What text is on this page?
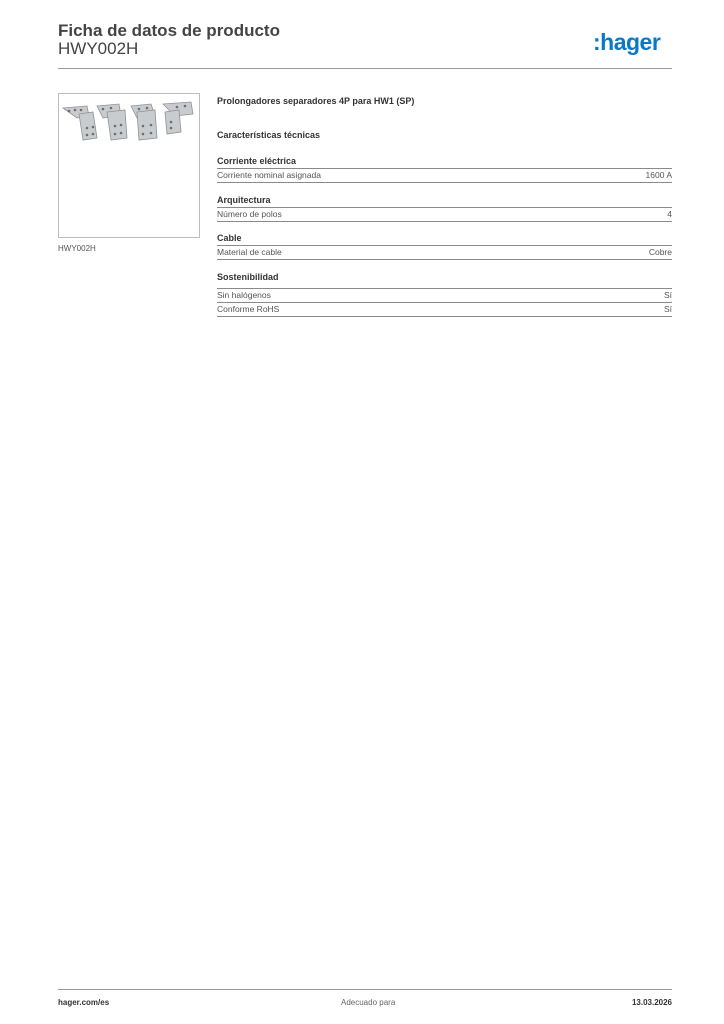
Ficha de datos de producto
HWY002H	:hager
HWY002H
Prolongadores separadores 4P para HW1 (SP)
Características técnicas
Corriente eléctrica
Corriente nominal asignada	1600 A
Arquitectura
Número de polos	4
Cable
Material de cable	Cobre
Sostenibilidad
Sin halógenos	Sí
Conforme RoHS	Sí
hager.com/es	Adecuado para	13.03.2026
